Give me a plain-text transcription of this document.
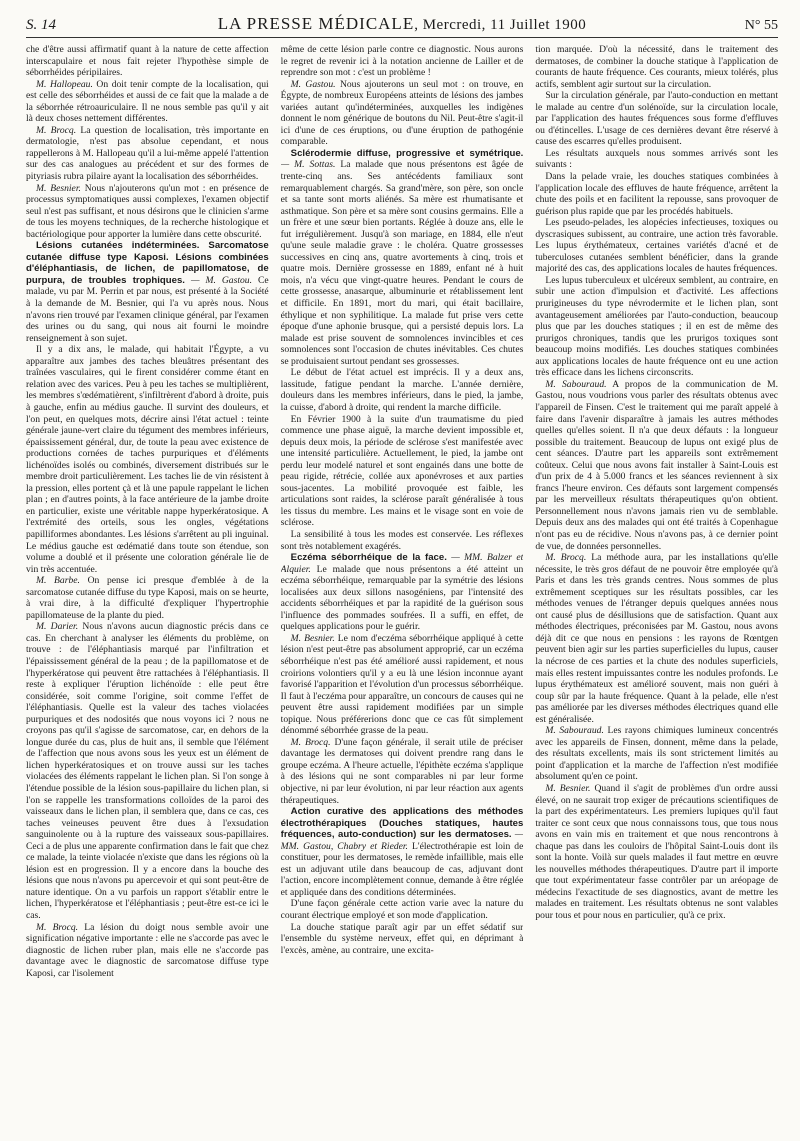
S. 14	LA PRESSE MÉDICALE, Mercredi, 11 Juillet 1900	N° 55

che d'être aussi affirmatif quant à la nature de cette affection interscapulaire et nous fait rejeter l'hypothèse simple de séborrhéides péripilaires.

M. Hallopeau. On doit tenir compte de la localisation, qui est celle des séborrhéides et aussi de ce fait que la malade a de la séborrhée rétroauriculaire. Il ne nous semble pas qu'il y ait là deux choses nettement différentes.

M. Brocq. La question de localisation, très importante en dermatologie, n'est pas absolue cependant, et nous rappellerons à M. Hallopeau qu'il a lui-même appelé l'attention sur des cas analogues au précédent et sur des formes de pityriasis rubra pilaire ayant la localisation des séborrhéides.

M. Besnier. Nous n'ajouterons qu'un mot : en présence de processus symptomatiques aussi complexes, l'examen objectif seul n'est pas suffisant, et nous désirons que le clinicien s'arme de tous les moyens techniques, de la recherche histologique et bactériologique pour apporter la lumière dans cette obscurité.

Lésions cutanées indéterminées. Sarcomatose cutanée diffuse type Kaposi. Lésions combinées d'éléphantiasis, de lichen, de papillomatose, de purpura, de troubles trophiques. — M. Gastou. Ce malade, vu par M. Perrin et par nous, est présenté à la Société à la demande de M. Besnier, qui l'a vu après nous. Nous n'avons rien trouvé par l'examen clinique général, par l'examen des urines ou du sang, qui nous ait fourni le moindre renseignement à son sujet.

Il y a dix ans, le malade, qui habitait l'Égypte, a vu apparaître aux jambes des taches bleuâtres présentant des traînées vasculaires, qui le firent considérer comme étant en relation avec des varices. Peu à peu les taches se multiplièrent, les membres s'œdématièrent, s'infiltrèrent d'abord à droite, puis à gauche, enfin au médius gauche. Il survint des douleurs, et l'on peut, en quelques mots, décrire ainsi l'état actuel : teinte générale jaune-vert claire du tégument des membres inférieurs, épaississement général, dur, de toute la peau avec existence de productions cornées de taches purpuriques et d'éléments lichénoïdes isolés ou combinés, diversement distribués sur le membre droit particulièrement. Les taches lie de vin résistent à la pression, elles portent çà et là une papule rappelant le lichen plan ; en d'autres points, à la face antérieure de la jambe droite en particulier, existe une véritable nappe hyperkératosique. A l'extrémité des orteils, sous les ongles, végétations papilliformes abondantes. Les lésions s'arrêtent au pli inguinal. Le médius gauche est œdématié dans toute son étendue, son volume a doublé et il présente une coloration générale lie de vin très accentuée.

M. Barbe. On pense ici presque d'emblée à de la sarcomatose cutanée diffuse du type Kaposi, mais on se heurte, à vrai dire, à la difficulté d'expliquer l'hypertrophie papillomateuse de la plante du pied.

M. Darier. Nous n'avons aucun diagnostic précis dans ce cas. En cherchant à analyser les éléments du problème, on trouve : de l'éléphantiasis marqué par l'infiltration et l'épaississement général de la peau ; de la papillomatose et de l'hyperkératose qui peuvent être rattachées à l'éléphantiasis. Il reste à expliquer l'éruption lichénoïde : elle peut être considérée, soit comme l'origine, soit comme l'effet de l'éléphantiasis. Quelle est la valeur des taches violacées purpuriques et des nodosités que nous voyons ici ? nous ne croyons pas qu'il s'agisse de sarcomatose, car, en dehors de la longue durée du cas, plus de huit ans, il semble que l'élément de l'affection que nous avons sous les yeux est un élément de lichen hyperkératosiques et on trouve aussi sur les taches violacées des éléments rappelant le lichen plan. Si l'on songe à l'étendue possible de la lésion sous-papillaire du lichen plan, si l'on se rappelle les transformations colloïdes de la paroi des vaisseaux dans le lichen plan, il semblera que, dans ce cas, ces taches veineuses peuvent être dues à l'exsudation sanguinolente ou à la rupture des vaisseaux sous-papillaires. Ceci a de plus une apparente confirmation dans le fait que chez ce malade, la teinte violacée n'existe que dans les régions où la lésion est en progression. Il y a encore dans la bouche des lésions que nous n'avons pu apercevoir et qui sont peut-être de nature identique. On a vu parfois un rapport s'établir entre le lichen, l'hyperkératose et l'éléphantiasis ; peut-être est-ce ici le cas.

M. Brocq. La lésion du doigt nous semble avoir une signification négative importante : elle ne s'accorde pas avec le diagnostic de lichen ruber plan, mais elle ne s'accorde pas davantage avec le diagnostic de sarcomatose diffuse type Kaposi, car l'isolement

même de cette lésion parle contre ce diagnostic. Nous aurons le regret de revenir ici à la notation ancienne de Lailler et de reprendre son mot : c'est un problème !

M. Gastou. Nous ajouterons un seul mot : on trouve, en Égypte, de nombreux Européens atteints de lésions des jambes variées autant qu'indéterminées, auxquelles les indigènes donnent le nom générique de boutons du Nil. Peut-être s'agit-il ici d'une de ces éruptions, ou d'une éruption de pathogénie comparable.

Sclérodermie diffuse, progressive et symétrique. — M. Sottas. La malade que nous présentons est âgée de trente-cinq ans. Ses antécédents familiaux sont remarquablement chargés. Sa grand'mère, son père, son oncle et sa tante sont morts aliénés. Sa mère est rhumatisante et asthmatique. Son père et sa mère sont cousins germains. Elle a un frère et une sœur bien portants. Réglée à douze ans, elle le fut irrégulièrement. Jusqu'à son mariage, en 1884, elle n'eut qu'une seule maladie grave : le choléra. Quatre grossesses successives en cinq ans, quatre avortements à cinq, trois et quatre mois. Dernière grossesse en 1889, enfant né à huit mois, n'a vécu que vingt-quatre heures. Pendant le cours de cette grossesse, anasarque, albuminurie et rétablissement lent et difficile. En 1891, mort du mari, qui était bacillaire, éthylique et non syphilitique. La malade fut prise vers cette époque d'une aphonie brusque, qui a persisté depuis lors. La malade est prise souvent de somnolences invincibles et ces somnolences sont l'occasion de chutes inévitables. Ces chutes se produisaient surtout pendant ses grossesses.

Le début de l'état actuel est imprécis. Il y a deux ans, lassitude, fatigue pendant la marche. L'année dernière, douleurs dans les membres inférieurs, dans le pied, la jambe, la cuisse, d'abord à droite, qui rendent la marche difficile.

En Février 1900 à la suite d'un traumatisme du pied commence une phase aiguë, la marche devient impossible et, depuis deux mois, la période de sclérose s'est manifestée avec une intensité particulière. Actuellement, le pied, la jambe ont perdu leur modelé naturel et sont engainés dans une botte de peau rigide, rétrécie, collée aux aponévroses et aux parties sous-jacentes. La mobilité provoquée est faible, les articulations sont raides, la sclérose paraît généralisée à tous les tissus du membre. Les mains et le visage sont en voie de sclérose.

La sensibilité à tous les modes est conservée. Les réflexes sont très notablement exagérés.

Eczéma séborrhéique de la face. — MM. Balzer et Alquier. Le malade que nous présentons a été atteint un eczéma séborrhéique, remarquable par la symétrie des lésions localisées aux deux sillons nasogéniens, par l'intensité des accidents séborrhéiques et par la rapidité de la guérison sous l'influence des pommades soufrées. Il a suffi, en effet, de quelques applications pour le guérir.

M. Besnier. Le nom d'eczéma séborrhéique appliqué à cette lésion n'est peut-être pas absolument approprié, car un eczéma séborrhéique n'est pas été amélioré aussi rapidement, et nous croirions volontiers qu'il y a eu là une lésion inconnue ayant favorisé l'apparition et l'évolution d'un processus séborrhéique. Il faut à l'eczéma pour apparaître, un concours de causes qui ne peuvent être aussi rapidement modifiées par un simple topique. Nous préférerions donc que ce cas fût simplement dénommé séborrhée grasse de la peau.

M. Brocq. D'une façon générale, il serait utile de préciser davantage les dermatoses qui doivent prendre rang dans le groupe eczéma. A l'heure actuelle, l'épithète eczéma s'applique à des lésions qui ne sont comparables ni par leur forme objective, ni par leur évolution, ni par leur réaction aux agents thérapeutiques.

Action curative des applications des méthodes électrothérapiques (Douches statiques, hautes fréquences, auto-conduction) sur les dermatoses. — MM. Gastou, Chabry et Rieder. L'électrothérapie est loin de constituer, pour les dermatoses, le remède infaillible, mais elle est un adjuvant utile dans beaucoup de cas, adjuvant dont l'action, encore incomplètement connue, demande à être réglée et appliquée dans des conditions déterminées.

D'une façon générale cette action varie avec la nature du courant électrique employé et son mode d'application.

La douche statique paraît agir par un effet sédatif sur l'ensemble du système nerveux, effet qui, en déprimant à l'excès, amène, au contraire, une excita-

tion marquée. D'où la nécessité, dans le traitement des dermatoses, de combiner la douche statique à l'application de courants de haute fréquence. Ces courants, mieux tolérés, plus actifs, semblent agir surtout sur la circulation.

Sur la circulation générale, par l'auto-conduction en mettant le malade au centre d'un solénoïde, sur la circulation locale, par l'application des hautes fréquences sous forme d'effluves ou d'étincelles. L'usage de ces dernières devant être réservé à cause des escarres qu'elles produisent.

Les résultats auxquels nous sommes arrivés sont les suivants :

Dans la pelade vraie, les douches statiques combinées à l'application locale des effluves de haute fréquence, arrêtent la chute des poils et en facilitent la repousse, sans provoquer de guérison plus rapide que par les procédés habituels.

Les pseudo-pelades, les alopécies infectieuses, toxiques ou dyscrasiques subissent, au contraire, une action très favorable. Les lupus érythémateux, certaines variétés d'acné et de tuberculoses cutanées semblent bénéficier, dans la grande majorité des cas, des applications locales de hautes fréquences.

Les lupus tuberculeux et ulcéreux semblent, au contraire, en subir une action d'impulsion et d'activité. Les affections prurigineuses du type névrodermite et le lichen plan, sont avantageusement améliorées par l'auto-conduction, beaucoup plus que par les douches statiques ; il en est de même des prurigos chroniques, tandis que les prurigos toxiques sont beaucoup moins modifiés. Les douches statiques combinées aux applications locales de haute fréquence ont eu une action très efficace dans les lichens circonscrits.

M. Sabouraud. A propos de la communication de M. Gastou, nous voudrions vous parler des résultats obtenus avec l'appareil de Finsen. C'est le traitement qui me paraît appelé à faire dans l'avenir disparaître à jamais les autres méthodes quelles qu'elles soient. Il n'a que deux défauts : la longueur possible du traitement. Beaucoup de lupus ont exigé plus de cent séances. D'autre part les appareils sont extrêmement coûteux. Celui que nous avons fait installer à Saint-Louis est d'un prix de 4 à 5.000 francs et les séances reviennent à six francs l'heure environ. Ces défauts sont largement compensés par les merveilleux résultats thérapeutiques qu'on obtient. Personnellement nous n'avons jamais rien vu de semblable. Depuis deux ans des malades qui ont été traités à Copenhague n'ont pas eu de récidive. Nous n'avons pas, à ce dernier point de vue, de données personnelles.

M. Brocq. La méthode aura, par les installations qu'elle nécessite, le très gros défaut de ne pouvoir être employée qu'à Paris et dans les très grands centres. Nous sommes de plus extrêmement sceptiques sur les résultats possibles, car les méthodes venues de l'étranger depuis quelques années nous ont causé plus de désillusions que de satisfaction. Quant aux méthodes électriques, préconisées par M. Gastou, nous avons déjà dit ce que nous en pensions : les rayons de Rœntgen peuvent bien agir sur les parties superficielles du lupus, causer la nécrose de ces parties et la chute des nodules superficiels, mais elles restent impuissantes contre les nodules profonds. Le lupus érythémateux est amélioré souvent, mais non guéri à coup sûr par la haute fréquence. Quant à la pelade, elle n'est pas améliorée par les diverses méthodes électriques quand elle est généralisée.

M. Sabouraud. Les rayons chimiques lumineux concentrés avec les appareils de Finsen, donnent, même dans la pelade, des résultats excellents, mais ils sont strictement limités au point d'application et la marche de l'affection n'est modifiée absolument qu'en ce point.

M. Besnier. Quand il s'agit de problèmes d'un ordre aussi élevé, on ne saurait trop exiger de précautions scientifiques de la part des expérimentateurs. Les premiers lupiques qu'il faut traiter ce sont ceux que nous connaissons tous, que tous nous avons en vain mis en traitement et que nous rencontrons à chaque pas dans les couloirs de l'hôpital Saint-Louis dont ils sont la honte. Voilà sur quels malades il faut mettre en œuvre les nouvelles méthodes thérapeutiques. D'autre part il importe que tout expérimentateur fasse contrôler par un aréopage de médecins l'exactitude de ses diagnostics, avant de mettre les malades en traitement. Les résultats obtenus ne sont valables pour tous et pour nous en particulier, qu'à ce prix.
